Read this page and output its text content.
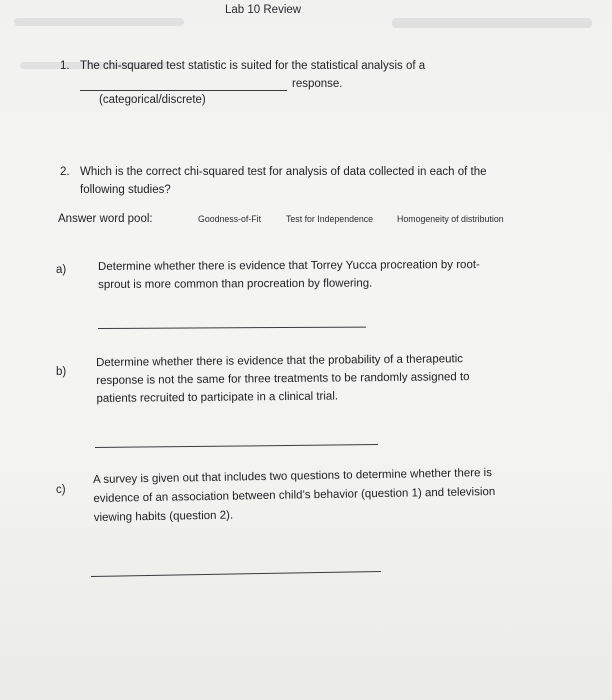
Lab 10 Review
1. The chi-squared test statistic is suited for the statistical analysis of a
response.
(categorical/discrete)
2. Which is the correct chi-squared test for analysis of data collected in each of the
following studies?
Answer word pool:	Goodness-of-Fit	Test for Independence	Homogeneity of distribution
a)	Determine whether there is evidence that Torrey Yucca procreation by root-
sprout is more common than procreation by flowering.
b)
Determine whether there is evidence that the probability of a therapeutic
response is not the same for three treatments to be randomly assigned to
patients recruited to participate in a clinical trial.
c)
A survey is given out that includes two questions to determine whether there is
evidence of an association between child’s behavior (question 1) and television
viewing habits (question 2).
